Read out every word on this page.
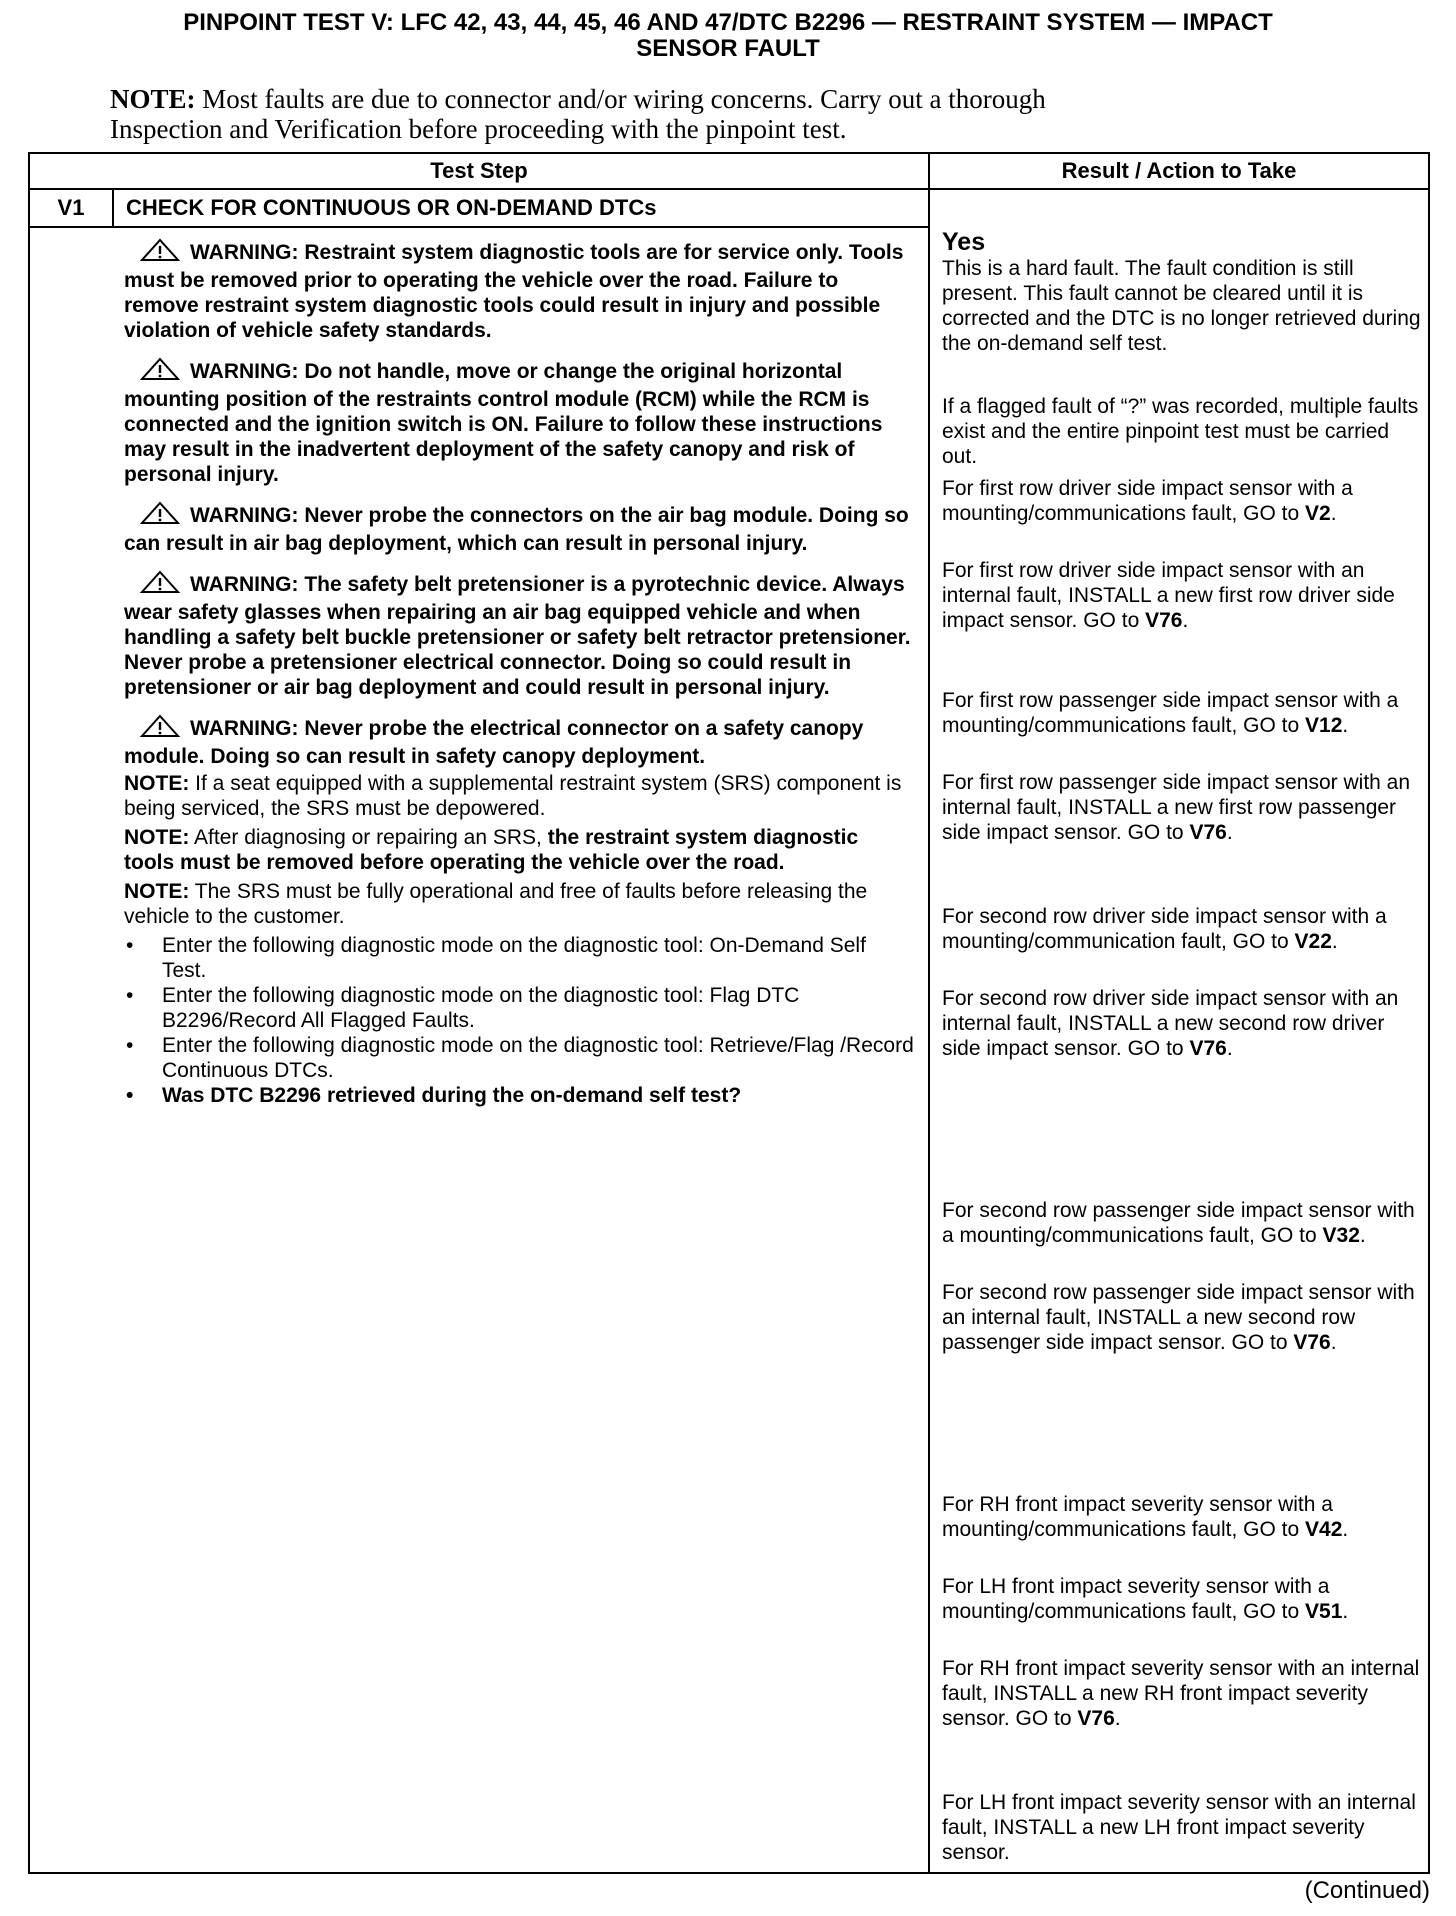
PINPOINT TEST V: LFC 42, 43, 44, 45, 46 AND 47/DTC B2296 — RESTRAINT SYSTEM — IMPACT
SENSOR FAULT
NOTE: Most faults are due to connector and/or wiring concerns. Carry out a thorough
Inspection and Verification before proceeding with the pinpoint test.
Test Step	Result / Action to Take
V1	CHECK FOR CONTINUOUS OR ON-DEMAND DTCs
WARNING: Restraint system diagnostic tools are for service only. Tools must be removed prior to operating the vehicle over the road. Failure to remove restraint system diagnostic tools could result in injury and possible violation of vehicle safety standards.
WARNING: Do not handle, move or change the original horizontal mounting position of the restraints control module (RCM) while the RCM is connected and the ignition switch is ON. Failure to follow these instructions may result in the inadvertent deployment of the safety canopy and risk of personal injury.
WARNING: Never probe the connectors on the air bag module. Doing so can result in air bag deployment, which can result in personal injury.
WARNING: The safety belt pretensioner is a pyrotechnic device. Always wear safety glasses when repairing an air bag equipped vehicle and when handling a safety belt buckle pretensioner or safety belt retractor pretensioner. Never probe a pretensioner electrical connector. Doing so could result in pretensioner or air bag deployment and could result in personal injury.
WARNING: Never probe the electrical connector on a safety canopy module. Doing so can result in safety canopy deployment.
NOTE: If a seat equipped with a supplemental restraint system (SRS) component is being serviced, the SRS must be depowered.
NOTE: After diagnosing or repairing an SRS, the restraint system diagnostic tools must be removed before operating the vehicle over the road.
NOTE: The SRS must be fully operational and free of faults before releasing the vehicle to the customer.
• Enter the following diagnostic mode on the diagnostic tool: On-Demand Self Test.
• Enter the following diagnostic mode on the diagnostic tool: Flag DTC B2296/Record All Flagged Faults.
• Enter the following diagnostic mode on the diagnostic tool: Retrieve/Flag /Record Continuous DTCs.
• Was DTC B2296 retrieved during the on-demand self test?
Yes
This is a hard fault. The fault condition is still present. This fault cannot be cleared until it is corrected and the DTC is no longer retrieved during the on-demand self test.
If a flagged fault of “?” was recorded, multiple faults exist and the entire pinpoint test must be carried out.
For first row driver side impact sensor with a mounting/communications fault, GO to V2.
For first row driver side impact sensor with an internal fault, INSTALL a new first row driver side impact sensor. GO to V76.
For first row passenger side impact sensor with a mounting/communications fault, GO to V12.
For first row passenger side impact sensor with an internal fault, INSTALL a new first row passenger side impact sensor. GO to V76.
For second row driver side impact sensor with a mounting/communication fault, GO to V22.
For second row driver side impact sensor with an internal fault, INSTALL a new second row driver side impact sensor. GO to V76.
For second row passenger side impact sensor with a mounting/communications fault, GO to V32.
For second row passenger side impact sensor with an internal fault, INSTALL a new second row passenger side impact sensor. GO to V76.
For RH front impact severity sensor with a mounting/communications fault, GO to V42.
For LH front impact severity sensor with a mounting/communications fault, GO to V51.
For RH front impact severity sensor with an internal fault, INSTALL a new RH front impact severity sensor. GO to V76.
For LH front impact severity sensor with an internal fault, INSTALL a new LH front impact severity sensor.
(Continued)
